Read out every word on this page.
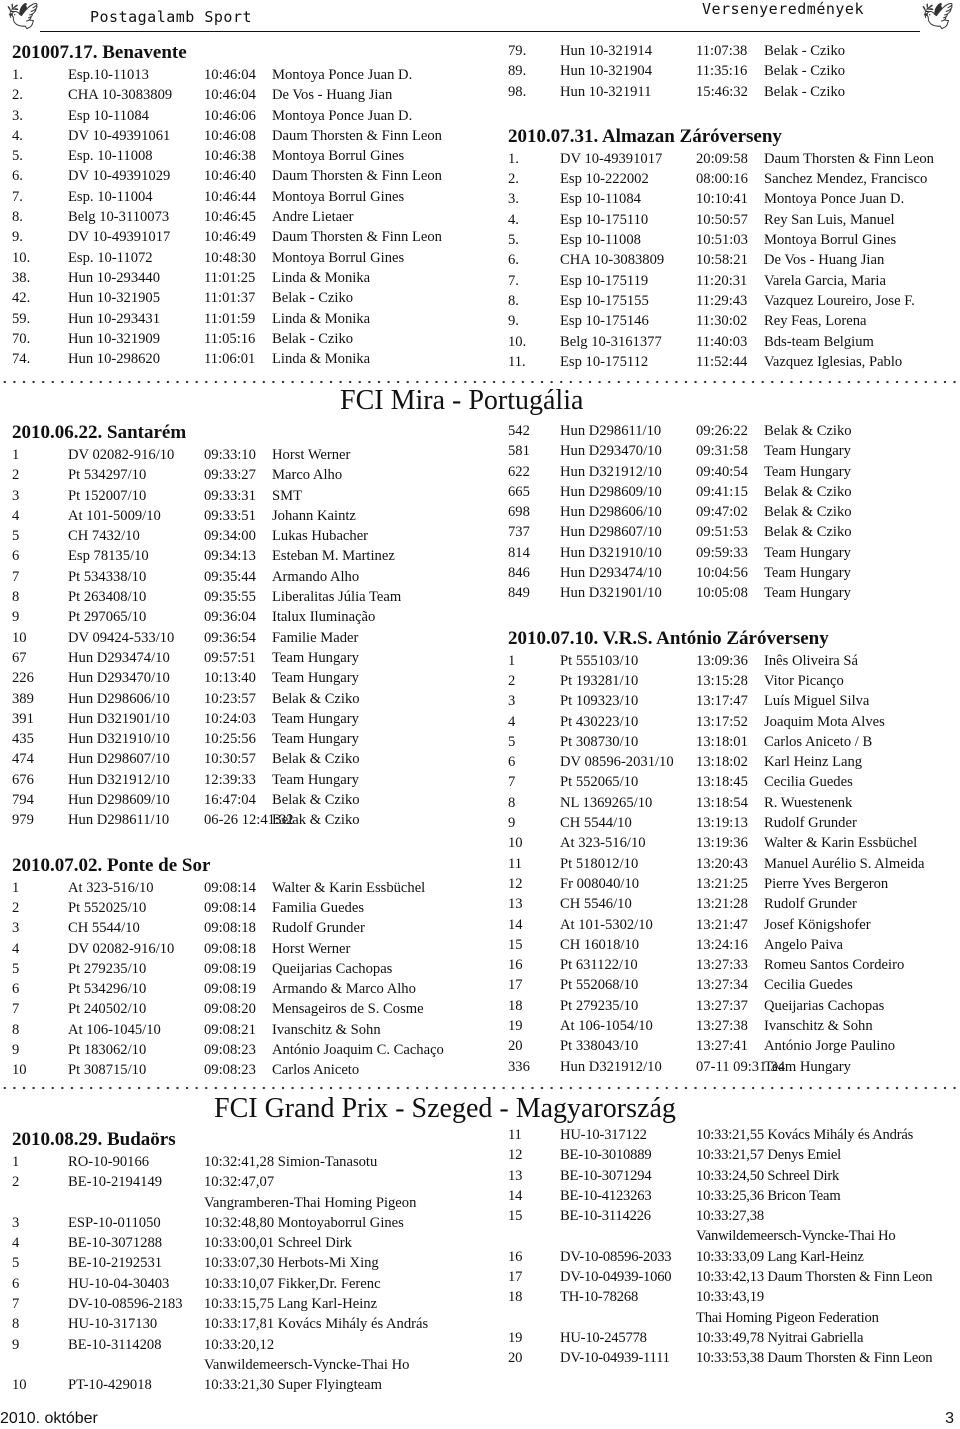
🕊	Postagalamb Sport	Versenyeredmények 🕊
201007.17. Benavente
1.	Esp.10-11013	10:46:04	Montoya Ponce Juan D.
2.	CHA 10-3083809	10:46:04	De Vos - Huang Jian
3.	Esp 10-11084	10:46:06	Montoya Ponce Juan D.
4.	DV 10-49391061	10:46:08	Daum Thorsten & Finn Leon
5.	Esp. 10-11008	10:46:38	Montoya Borrul Gines
6.	DV 10-49391029	10:46:40	Daum Thorsten & Finn Leon
7.	Esp. 10-11004	10:46:44	Montoya Borrul Gines
8.	Belg 10-3110073	10:46:45	Andre Lietaer
9.	DV 10-49391017	10:46:49	Daum Thorsten & Finn Leon
10.	Esp. 10-11072	10:48:30	Montoya Borrul Gines
38.	Hun 10-293440	11:01:25	Linda & Monika
42.	Hun 10-321905	11:01:37	Belak - Cziko
59.	Hun 10-293431	11:01:59	Linda & Monika
70.	Hun 10-321909	11:05:16	Belak - Cziko
74.	Hun 10-298620	11:06:01	Linda & Monika
79.	Hun 10-321914	11:07:38	Belak - Cziko
89.	Hun 10-321904	11:35:16	Belak - Cziko
98.	Hun 10-321911	15:46:32	Belak - Cziko
2010.07.31. Almazan Záróverseny
1.	DV 10-49391017	20:09:58	Daum Thorsten & Finn Leon
2.	Esp 10-222002	08:00:16	Sanchez Mendez, Francisco
3.	Esp 10-11084	10:10:41	Montoya Ponce Juan D.
4.	Esp 10-175110	10:50:57	Rey San Luis, Manuel
5.	Esp 10-11008	10:51:03	Montoya Borrul Gines
6.	CHA 10-3083809	10:58:21	De Vos - Huang Jian
7.	Esp 10-175119	11:20:31	Varela Garcia, Maria
8.	Esp 10-175155	11:29:43	Vazquez Loureiro, Jose F.
9.	Esp 10-175146	11:30:02	Rey Feas, Lorena
10.	Belg 10-3161377	11:40:03	Bds-team Belgium
11.	Esp 10-175112	11:52:44	Vazquez Iglesias, Pablo
FCI Mira - Portugália
2010.06.22. Santarém
1	DV 02082-916/10	09:33:10	Horst Werner
2	Pt 534297/10	09:33:27	Marco Alho
3	Pt 152007/10	09:33:31	SMT
4	At 101-5009/10	09:33:51	Johann Kaintz
5	CH 7432/10	09:34:00	Lukas Hubacher
6	Esp 78135/10	09:34:13	Esteban M. Martinez
7	Pt 534338/10	09:35:44	Armando Alho
8	Pt 263408/10	09:35:55	Liberalitas Júlia Team
9	Pt 297065/10	09:36:04	Italux Iluminação
10	DV 09424-533/10	09:36:54	Familie Mader
67	Hun D293474/10	09:57:51	Team Hungary
226	Hun D293470/10	10:13:40	Team Hungary
389	Hun D298606/10	10:23:57	Belak & Cziko
391	Hun D321901/10	10:24:03	Team Hungary
435	Hun D321910/10	10:25:56	Team Hungary
474	Hun D298607/10	10:30:57	Belak & Cziko
676	Hun D321912/10	12:39:33	Team Hungary
794	Hun D298609/10	16:47:04	Belak & Cziko
979	Hun D298611/10	06-26 12:41:32
Belak & Cziko
2010.07.02. Ponte de Sor
1	At 323-516/10	09:08:14	Walter & Karin Essbüchel
2	Pt 552025/10	09:08:14	Familia Guedes
3	CH 5544/10	09:08:18	Rudolf Grunder
4	DV 02082-916/10	09:08:18	Horst Werner
5	Pt 279235/10	09:08:19	Queijarias Cachopas
6	Pt 534296/10	09:08:19	Armando & Marco Alho
7	Pt 240502/10	09:08:20	Mensageiros de S. Cosme
8	At 106-1045/10	09:08:21	Ivanschitz & Sohn
9	Pt 183062/10	09:08:23	António Joaquim C. Cachaço
10	Pt 308715/10	09:08:23	Carlos Aniceto
542	Hun D298611/10	09:26:22	Belak & Cziko
581	Hun D293470/10	09:31:58	Team Hungary
622	Hun D321912/10	09:40:54	Team Hungary
665	Hun D298609/10	09:41:15	Belak & Cziko
698	Hun D298606/10	09:47:02	Belak & Cziko
737	Hun D298607/10	09:51:53	Belak & Cziko
814	Hun D321910/10	09:59:33	Team Hungary
846	Hun D293474/10	10:04:56	Team Hungary
849	Hun D321901/10	10:05:08	Team Hungary
2010.07.10. V.R.S. António Záróverseny
1	Pt 555103/10	13:09:36	Inês Oliveira Sá
2	Pt 193281/10	13:15:28	Vitor Picanço
3	Pt 109323/10	13:17:47	Luís Miguel Silva
4	Pt 430223/10	13:17:52	Joaquim Mota Alves
5	Pt 308730/10	13:18:01	Carlos Aniceto / B
6	DV 08596-2031/10	13:18:02	Karl Heinz Lang
7	Pt 552065/10	13:18:45	Cecilia Guedes
8	NL 1369265/10	13:18:54	R. Wuestenenk
9	CH 5544/10	13:19:13	Rudolf Grunder
10	At 323-516/10	13:19:36	Walter & Karin Essbüchel
11	Pt 518012/10	13:20:43	Manuel Aurélio S. Almeida
12	Fr 008040/10	13:21:25	Pierre Yves Bergeron
13	CH 5546/10	13:21:28	Rudolf Grunder
14	At 101-5302/10	13:21:47	Josef Königshofer
15	CH 16018/10	13:24:16	Angelo Paiva
16	Pt 631122/10	13:27:33	Romeu Santos Cordeiro
17	Pt 552068/10	13:27:34	Cecilia Guedes
18	Pt 279235/10	13:27:37	Queijarias Cachopas
19	At 106-1054/10	13:27:38	Ivanschitz & Sohn
20	Pt 338043/10	13:27:41	António Jorge Paulino
336	Hun D321912/10	07-11 09:31:34
Team Hungary
FCI Grand Prix - Szeged - Magyarország
2010.08.29. Budaörs
1	RO-10-90166	10:32:41,28 Simion-Tanasotu
2	BE-10-2194149	10:32:47,07
Vangramberen-Thai Homing Pigeon
3	ESP-10-011050	10:32:48,80 Montoyaborrul Gines
4	BE-10-3071288	10:33:00,01 Schreel Dirk
5	BE-10-2192531	10:33:07,30 Herbots-Mi Xing
6	HU-10-04-30403	10:33:10,07 Fikker,Dr. Ferenc
7	DV-10-08596-2183	10:33:15,75 Lang Karl-Heinz
8	HU-10-317130	10:33:17,81 Kovács Mihály és András
9	BE-10-3114208	10:33:20,12
Vanwildemeersch-Vyncke-Thai Ho
10	PT-10-429018	10:33:21,30 Super Flyingteam
11	HU-10-317122	10:33:21,55 Kovács Mihály és András
12	BE-10-3010889	10:33:21,57 Denys Emiel
13	BE-10-3071294	10:33:24,50 Schreel Dirk
14	BE-10-4123263	10:33:25,36 Bricon Team
15	BE-10-3114226	10:33:27,38
Vanwildemeersch-Vyncke-Thai Ho
16	DV-10-08596-2033	10:33:33,09 Lang Karl-Heinz
17	DV-10-04939-1060	10:33:42,13 Daum Thorsten & Finn Leon
18	TH-10-78268	10:33:43,19
Thai Homing Pigeon Federation
19	HU-10-245778	10:33:49,78 Nyitrai Gabriella
20	DV-10-04939-1111	10:33:53,38 Daum Thorsten & Finn Leon
2010. október	3
